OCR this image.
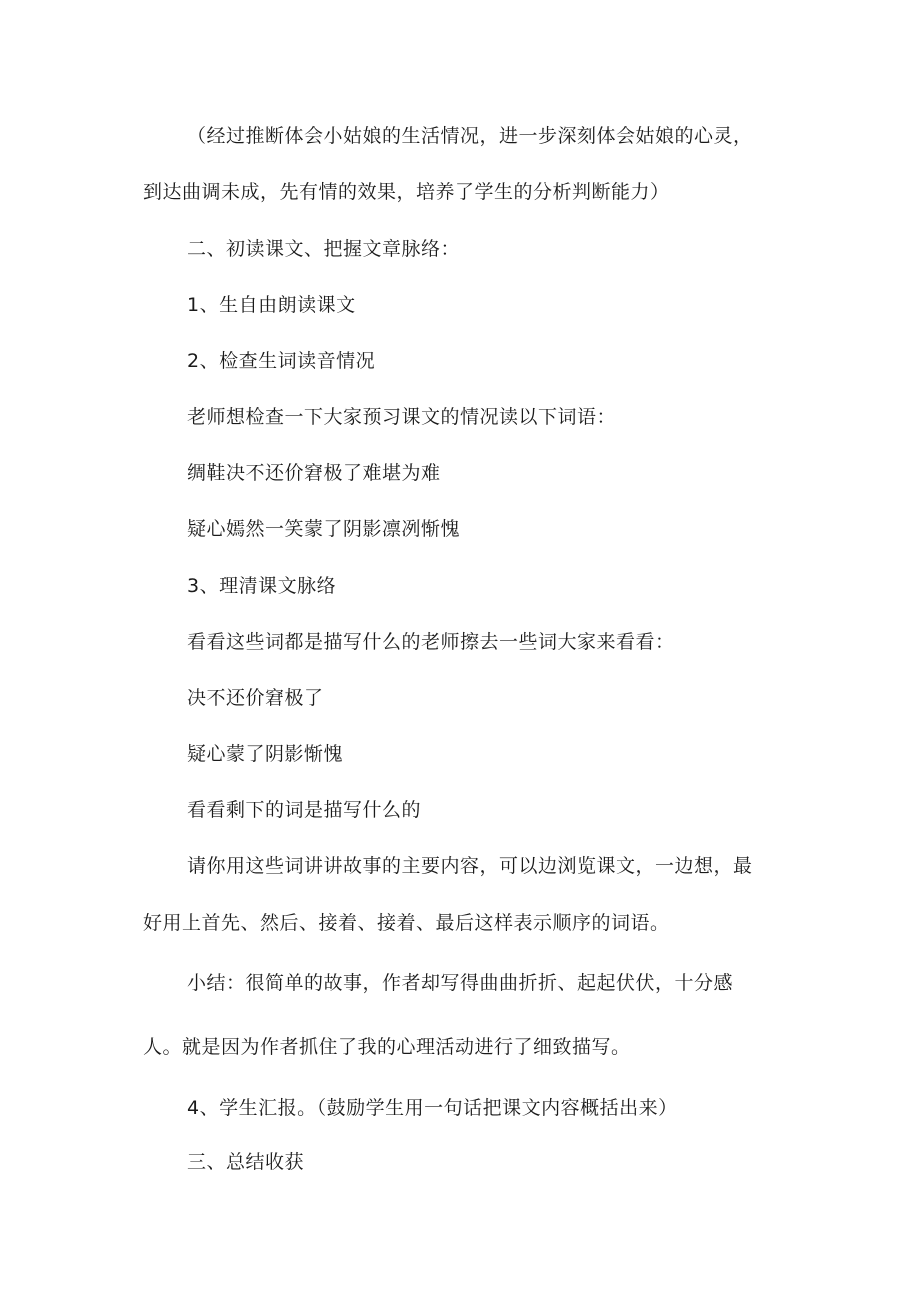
（经过推断体会小姑娘的生活情况，进一步深刻体会姑娘的心灵，
到达曲调未成，先有情的效果，培养了学生的分析判断能力）
二、初读课文、把握文章脉络：
1、生自由朗读课文
2、检查生词读音情况
老师想检查一下大家预习课文的情况读以下词语：
绸鞋决不还价窘极了难堪为难
疑心嫣然一笑蒙了阴影凛冽惭愧
3、理清课文脉络
看看这些词都是描写什么的老师擦去一些词大家来看看：
决不还价窘极了
疑心蒙了阴影惭愧
看看剩下的词是描写什么的
请你用这些词讲讲故事的主要内容，可以边浏览课文，一边想，最
好用上首先、然后、接着、接着、最后这样表示顺序的词语。
小结：很简单的故事，作者却写得曲曲折折、起起伏伏，十分感
人。就是因为作者抓住了我的心理活动进行了细致描写。
4、学生汇报。（鼓励学生用一句话把课文内容概括出来）
三、总结收获
